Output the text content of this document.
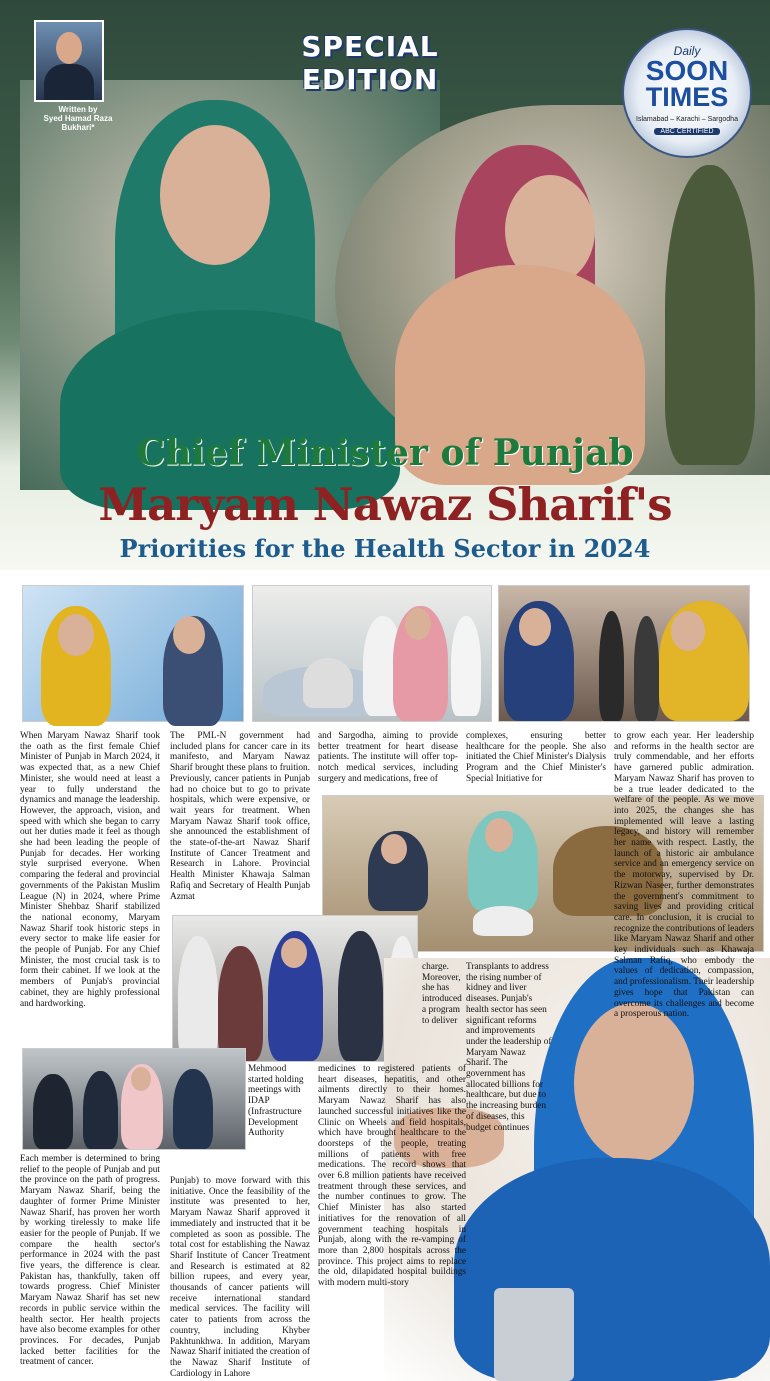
Written by
Syed Hamad Raza Bukhari*
SPECIAL EDITION
Daily
SOON
TIMES
Islamabad – Karachi – Sargodha
ABC CERTIFIED
Chief Minister of Punjab
Maryam Nawaz Sharif's
Priorities for the Health Sector in 2024
When Maryam Nawaz Sharif took the oath as the first female Chief Minister of Punjab in March 2024, it was expected that, as a new Chief Minister, she would need at least a year to fully understand the dynamics and manage the leadership. However, the approach, vision, and speed with which she began to carry out her duties made it feel as though she had been leading the people of Punjab for decades. Her working style surprised everyone. When comparing the federal and provincial governments of the Pakistan Muslim League (N) in 2024, where Prime Minister Shehbaz Sharif stabilized the national economy, Maryam Nawaz Sharif took historic steps in every sector to make life easier for the people of Punjab. For any Chief Minister, the most crucial task is to form their cabinet. If we look at the members of Punjab's provincial cabinet, they are highly professional and hardworking.
Each member is determined to bring relief to the people of Punjab and put the province on the path of progress. Maryam Nawaz Sharif, being the daughter of former Prime Minister Nawaz Sharif, has proven her worth by working tirelessly to make life easier for the people of Punjab. If we compare the health sector's performance in 2024 with the past five years, the difference is clear. Pakistan has, thankfully, taken off towards progress. Chief Minister Maryam Nawaz Sharif has set new records in public service within the health sector. Her health projects have also become examples for other provinces. For decades, Punjab lacked better facilities for the treatment of cancer.
The PML-N government had included plans for cancer care in its manifesto, and Maryam Nawaz Sharif brought these plans to fruition. Previously, cancer patients in Punjab had no choice but to go to private hospitals, which were expensive, or wait years for treatment. When Maryam Nawaz Sharif took office, she announced the establishment of the state-of-the-art Nawaz Sharif Institute of Cancer Treatment and Research in Lahore. Provincial Health Minister Khawaja Salman Rafiq and Secretary of Health Punjab Azmat
Mehmood started holding meetings with IDAP (Infrastructure Development Authority
Punjab) to move forward with this initiative. Once the feasibility of the institute was presented to her, Maryam Nawaz Sharif approved it immediately and instructed that it be completed as soon as possible. The total cost for establishing the Nawaz Sharif Institute of Cancer Treatment and Research is estimated at 82 billion rupees, and every year, thousands of cancer patients will receive international standard medical services. The facility will cater to patients from across the country, including Khyber Pakhtunkhwa. In addition, Maryam Nawaz Sharif initiated the creation of the Nawaz Sharif Institute of Cardiology in Lahore
and Sargodha, aiming to provide better treatment for heart disease patients. The institute will offer top-notch medical services, including surgery and medications, free of
charge. Moreover, she has introduced a program to deliver
medicines to registered patients of heart diseases, hepatitis, and other ailments directly to their homes. Maryam Nawaz Sharif has also launched successful initiatives like the Clinic on Wheels and field hospitals, which have brought healthcare to the doorsteps of the people, treating millions of patients with free medications. The record shows that over 6.8 million patients have received treatment through these services, and the number continues to grow. The Chief Minister has also started initiatives for the renovation of all government teaching hospitals in Punjab, along with the re-vamping of more than 2,800 hospitals across the province. This project aims to replace the old, dilapidated hospital buildings with modern multi-story
complexes, ensuring better healthcare for the people. She also initiated the Chief Minister's Dialysis Program and the Chief Minister's Special Initiative for
Transplants to address the rising number of kidney and liver diseases. Punjab's health sector has seen significant reforms and improvements under the leadership of Maryam Nawaz Sharif. The government has allocated billions for healthcare, but due to the increasing burden of diseases, this budget continues
to grow each year. Her leadership and reforms in the health sector are truly commendable, and her efforts have garnered public admiration. Maryam Nawaz Sharif has proven to be a true leader dedicated to the welfare of the people. As we move into 2025, the changes she has implemented will leave a lasting legacy, and history will remember her name with respect. Lastly, the launch of a historic air ambulance service and an emergency service on the motorway, supervised by Dr. Rizwan Naseer, further demonstrates the government's commitment to saving lives and providing critical care. In conclusion, it is crucial to recognize the contributions of leaders like Maryam Nawaz Sharif and other key individuals such as Khawaja Salman Rafiq, who embody the values of dedication, compassion, and professionalism. Their leadership gives hope that Pakistan can overcome its challenges and become a prosperous nation.
